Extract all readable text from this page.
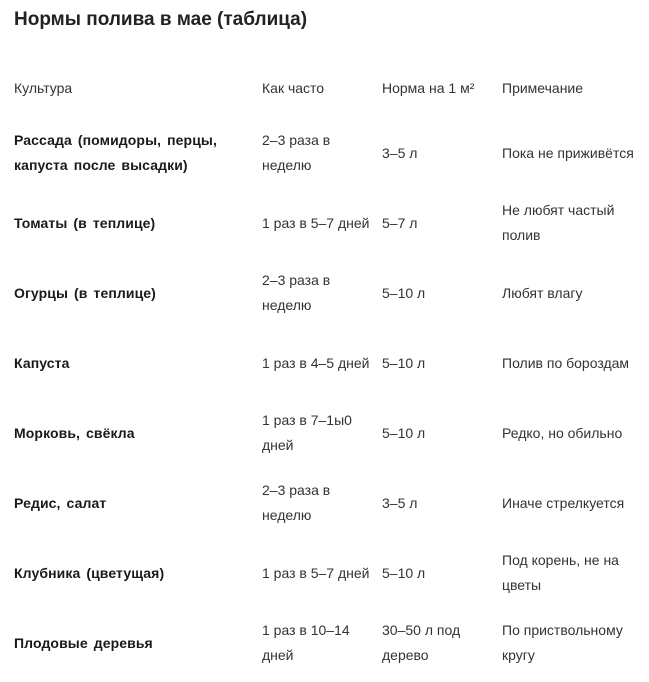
Нормы полива в мае (таблица)
Культура	Как часто	Норма на 1 м²	Примечание
Рассада (помидоры, перцы, капуста после высадки)	2–3 раза в неделю	3–5 л	Пока не приживётся
Томаты (в теплице)	1 раз в 5–7 дней	5–7 л	Не любят частый полив
Огурцы (в теплице)	2–3 раза в неделю	5–10 л	Любят влагу
Капуста	1 раз в 4–5 дней	5–10 л	Полив по бороздам
Морковь, свёкла	1 раз в 7–1ы0 дней	5–10 л	Редко, но обильно
Редис, салат	2–3 раза в неделю	3–5 л	Иначе стрелкуется
Клубника (цветущая)	1 раз в 5–7 дней	5–10 л	Под корень, не на цветы
Плодовые деревья	1 раз в 10–14 дней	30–50 л под дерево	По приствольному кругу
